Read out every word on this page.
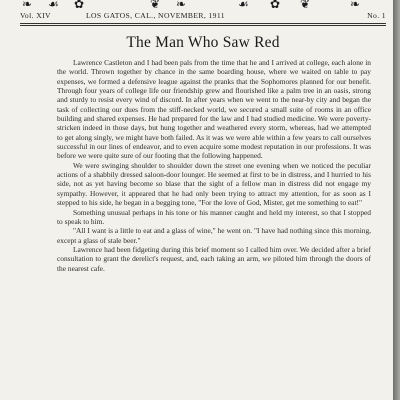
❧ ☙ ✿	❦ ❧	☙ ✿ ❦	❧
Vol. XIV	LOS GATOS, CAL., NOVEMBER, 1911	No. 1
The Man Who Saw Red

Lawrence Castleton and I had been pals from the time that he and I arrived at college, each alone in the world. Thrown together by chance in the same boarding house, where we waited on table to pay expenses, we formed a defensive league against the pranks that the Sophomores planned for our benefit. Through four years of college life our friendship grew and flourished like a palm tree in an oasis, strong and sturdy to resist every wind of discord. In after years when we went to the near-by city and began the task of collecting our dues from the stiff-necked world, we secured a small suite of rooms in an office building and shared expenses. He had prepared for the law and I had studied medicine. We were poverty-stricken indeed in those days, but hung together and weathered every storm, whereas, had we attempted to get along singly, we might have both failed. As it was we were able within a few years to call ourselves successful in our lines of endeavor, and to even acquire some modest reputation in our professions. It was before we were quite sure of our footing that the following happened.

We were swinging shoulder to shoulder down the street one evening when we noticed the peculiar actions of a shabbily dressed saloon-door lounger. He seemed at first to be in distress, and I hurried to his side, not as yet having become so blase that the sight of a fellow man in distress did not engage my sympathy. However, it appeared that he had only been trying to attract my attention, for as soon as I stepped to his side, he began in a begging tone, "For the love of God, Mister, get me something to eat!"

Something unusual perhaps in his tone or his manner caught and held my interest, so that I stopped to speak to him.

"All I want is a little to eat and a glass of wine," he went on. "I have had nothing since this morning, except a glass of stale beer."

Lawrence had been fidgeting during this brief moment so I called him over. We decided after a brief consultation to grant the derelict's request, and, each taking an arm, we piloted him through the doors of the nearest cafe.
